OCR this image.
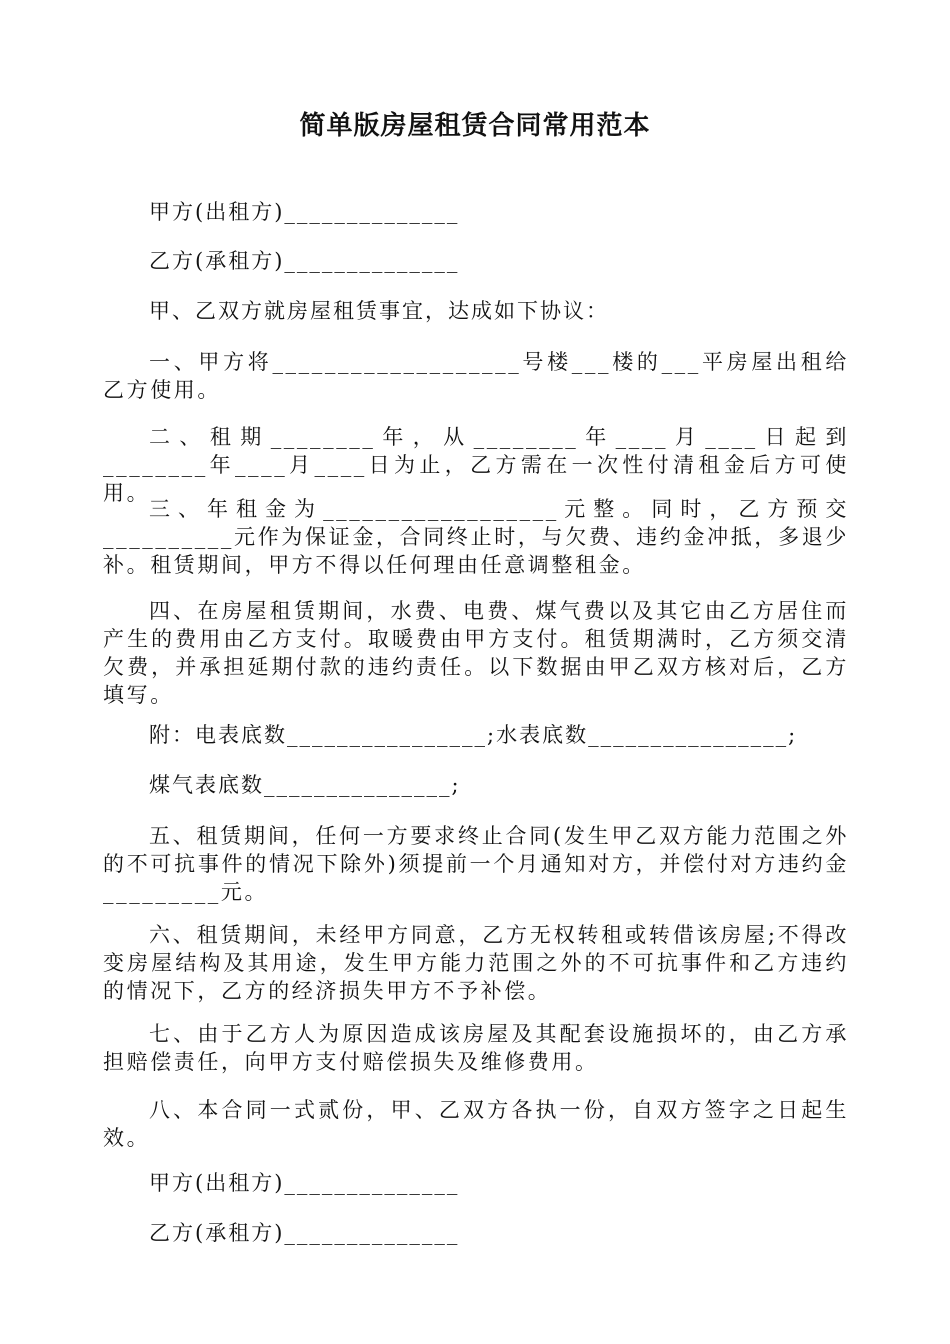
简单版房屋租赁合同常用范本
甲方(出租方)______________
乙方(承租方)______________
甲、乙双方就房屋租赁事宜，达成如下协议：
一、甲方将___________________号楼___楼的___平房屋出租给乙方使用。
二、租期________年，从________年____月____日起到________年____月____日为止，乙方需在一次性付清租金后方可使用。
三、年租金为__________________元整。同时，乙方预交__________元作为保证金，合同终止时，与欠费、违约金冲抵，多退少补。租赁期间，甲方不得以任何理由任意调整租金。
四、在房屋租赁期间，水费、电费、煤气费以及其它由乙方居住而产生的费用由乙方支付。取暖费由甲方支付。租赁期满时，乙方须交清欠费，并承担延期付款的违约责任。以下数据由甲乙双方核对后，乙方填写。
附：电表底数________________;水表底数________________;
煤气表底数_______________;
五、租赁期间，任何一方要求终止合同(发生甲乙双方能力范围之外的不可抗事件的情况下除外)须提前一个月通知对方，并偿付对方违约金_________元。
六、租赁期间，未经甲方同意，乙方无权转租或转借该房屋;不得改变房屋结构及其用途，发生甲方能力范围之外的不可抗事件和乙方违约的情况下，乙方的经济损失甲方不予补偿。
七、由于乙方人为原因造成该房屋及其配套设施损坏的，由乙方承担赔偿责任，向甲方支付赔偿损失及维修费用。
八、本合同一式贰份，甲、乙双方各执一份，自双方签字之日起生效。
甲方(出租方)______________
乙方(承租方)______________
